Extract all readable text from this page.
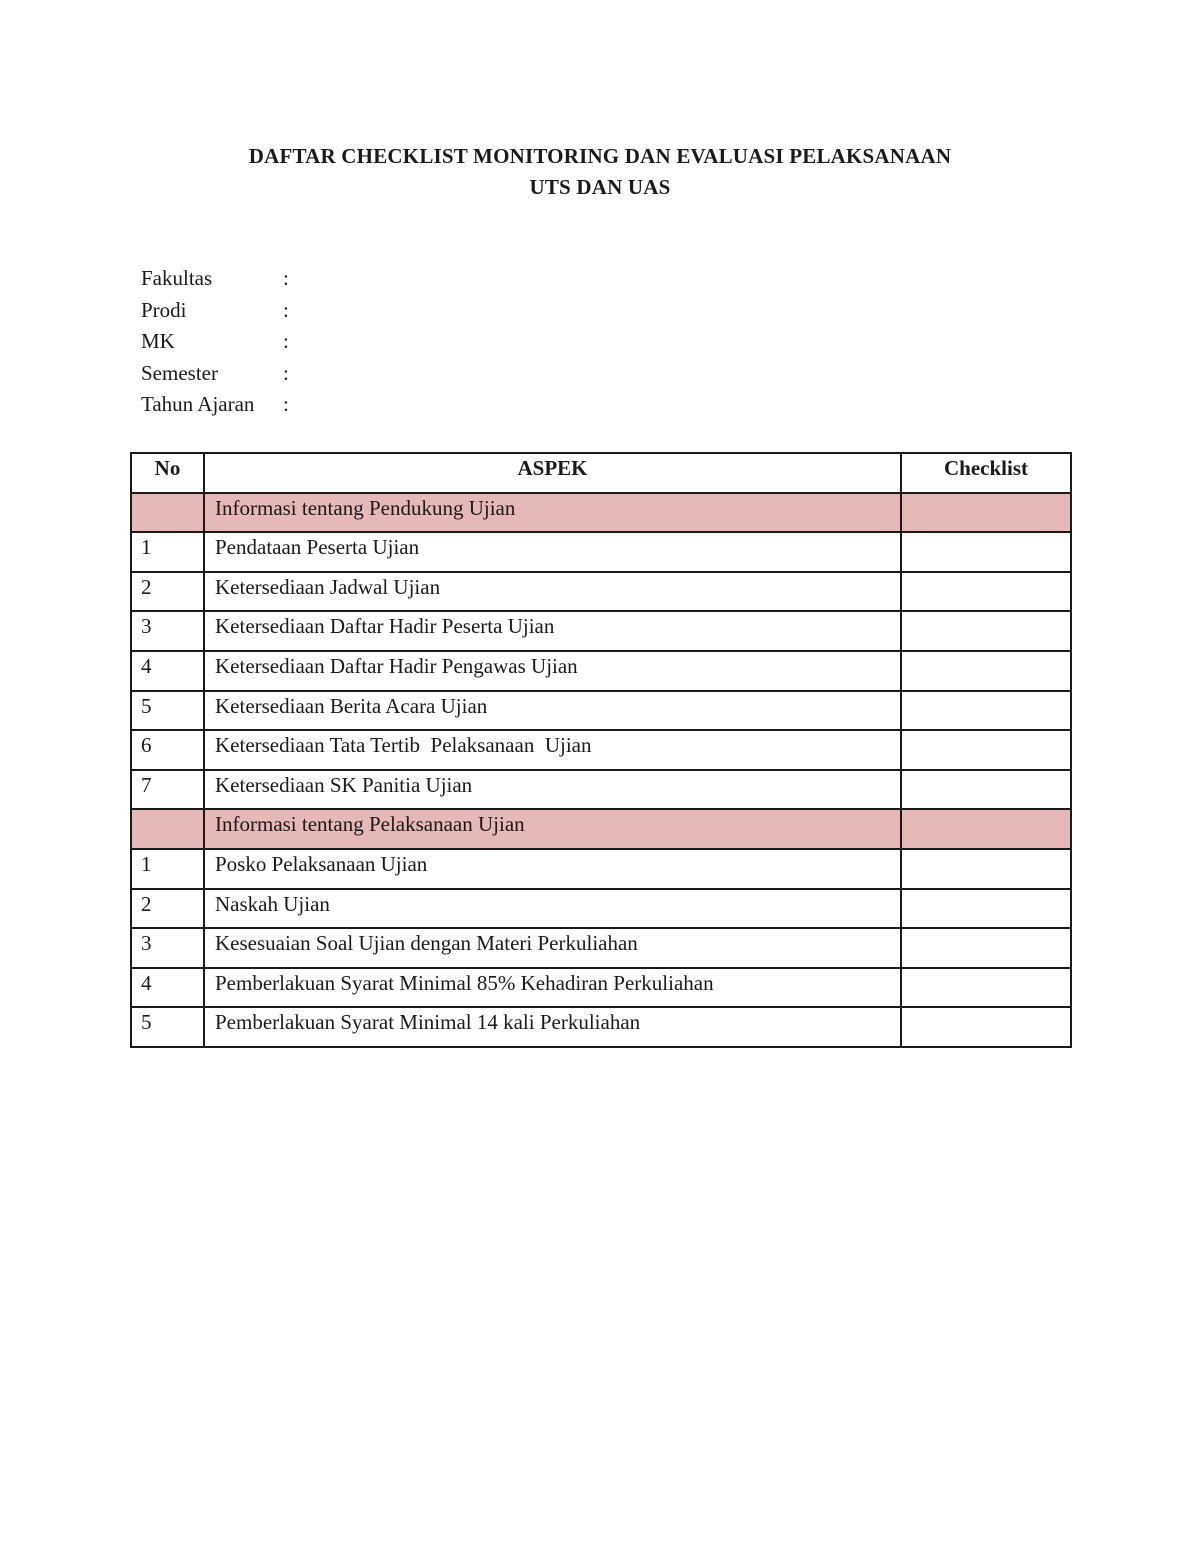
DAFTAR CHECKLIST MONITORING DAN EVALUASI PELAKSANAAN
UTS DAN UAS
Fakultas	:
Prodi	:
MK	:
Semester	:
Tahun Ajaran	:
No	ASPEK	Checklist
	Informasi tentang Pendukung Ujian	
1	Pendataan Peserta Ujian	
2	Ketersediaan Jadwal Ujian	
3	Ketersediaan Daftar Hadir Peserta Ujian	
4	Ketersediaan Daftar Hadir Pengawas Ujian	
5	Ketersediaan Berita Acara Ujian	
6	Ketersediaan Tata Tertib  Pelaksanaan  Ujian	
7	Ketersediaan SK Panitia Ujian	
	Informasi tentang Pelaksanaan Ujian	
1	Posko Pelaksanaan Ujian	
2	Naskah Ujian	
3	Kesesuaian Soal Ujian dengan Materi Perkuliahan	
4	Pemberlakuan Syarat Minimal 85% Kehadiran Perkuliahan	
5	Pemberlakuan Syarat Minimal 14 kali Perkuliahan	
